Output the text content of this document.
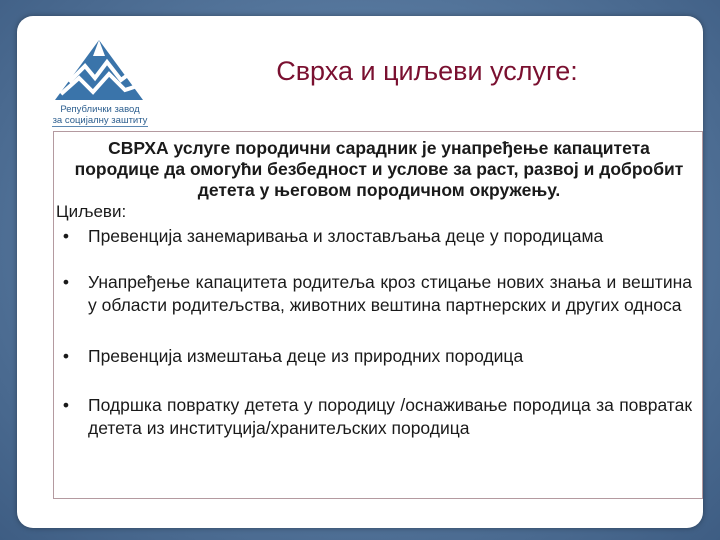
Републички завод
за социјалну заштиту
Сврха и циљеви услуге:
СВРХА услуге породични сарадник је унапређење капацитета породице да омогући безбедност и услове за раст, развој и добробит детета у његовом породичном окружењу.
Циљеви:
•	Превенција занемаривања и злостављања деце у породицама
•	Унапређење капацитета родитеља кроз стицање нових знања и вештина у области родитељства, животних вештина партнерских и других односа
•	Превенција измештања деце из природних породица
•	Подршка повратку детета у породицу /оснаживање породица за повратак детета из институција/хранитељских породица
